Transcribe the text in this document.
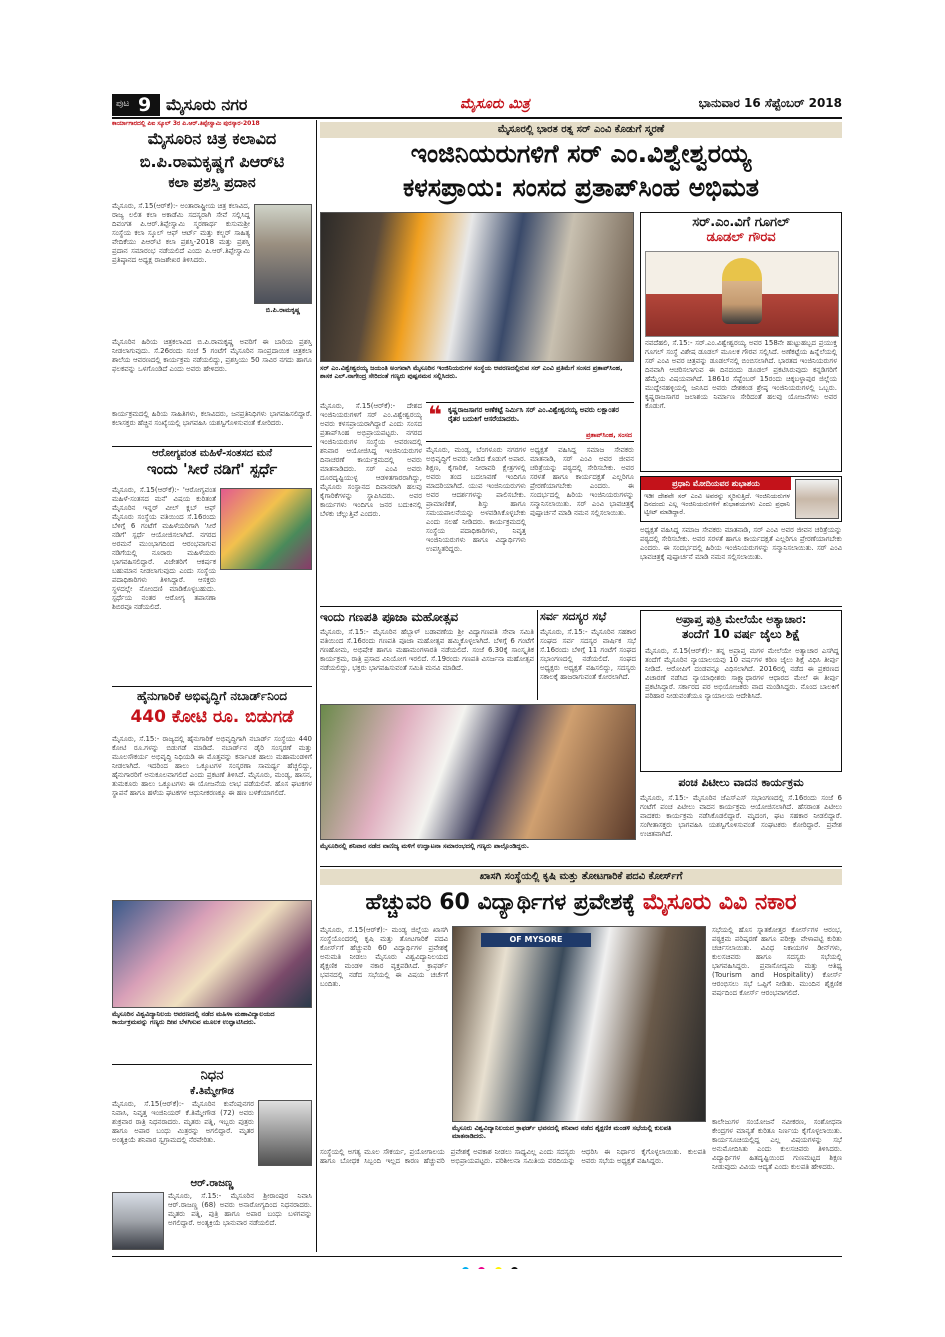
ಪುಟ 9 ಮೈಸೂರು ನಗರ	ಮೈಸೂರು ಮಿತ್ರ	ಭಾನುವಾರ 16 ಸೆಪ್ಟೆಂಬರ್ 2018
ಕಾರ್ಯಾಗಾರದಲ್ಲಿ ಪಿಐ ಸ್ಕೂಲ್ 3ರ ಪಿ.ಆರ್.ತಿಪ್ಪೇಸ್ವಾಮಿ ಪುರಸ್ಕಾರ-2018
ಮೈಸೂರಿನ ಚಿತ್ರ ಕಲಾವಿದ
ಬಿ.ಪಿ.ರಾಮಕೃಷ್ಣಗೆ ಪಿಆರ್‌ಟಿ
ಕಲಾ ಪ್ರಶಸ್ತಿ ಪ್ರದಾನ
ಮೈಸೂರು, ಸೆ.15(ಆರ್‌ಕೆ):- ಅಂತಾರಾಷ್ಟ್ರೀಯ ಚಿತ್ರ ಕಲಾವಿದ, ರಾಜ್ಯ ಲಲಿತ ಕಲಾ ಅಕಾಡೆಮಿ ಸದಸ್ಯರಾಗಿ ಸೇವೆ ಸಲ್ಲಿಸಿದ್ದ ದಿವಂಗತ ಪಿ.ಆರ್.ತಿಪ್ಪೇಸ್ವಾಮಿ ಸ್ಮರಣಾರ್ಥ ಕುಸುಮಶ್ರೀ ಸಂಸ್ಥೆಯ ಕಲಾ ಸ್ಕೂಲ್ ಆಫ್ ಆರ್ಟ್ ಮತ್ತು ಕಲ್ಚರ್ ಸಾಹಿತ್ಯ ವೇದಿಕೆಯು ಪಿಆರ್‌ಟಿ ಕಲಾ ಪ್ರಶಸ್ತಿ-2018 ಮತ್ತು ಪ್ರಶಸ್ತಿ ಪ್ರದಾನ ಸಮಾರಂಭ ನಡೆಯಲಿದೆ ಎಂದು ಪಿ.ಆರ್.ತಿಪ್ಪೇಸ್ವಾಮಿ ಪ್ರತಿಷ್ಠಾನದ ಅಧ್ಯಕ್ಷ ರಾಜಶೇಖರ ತಿಳಿಸಿದರು.
ಬಿ.ಪಿ.ರಾಮಕೃಷ್ಣ
ಮೈಸೂರಿನ ಹಿರಿಯ ಚಿತ್ರಕಲಾವಿದ ಬಿ.ಪಿ.ರಾಮಕೃಷ್ಣ ಅವರಿಗೆ ಈ ಬಾರಿಯ ಪ್ರಶಸ್ತಿ ನೀಡಲಾಗುವುದು. ಸೆ.26ರಂದು ಸಂಜೆ 5 ಗಂಟೆಗೆ ಮೈಸೂರಿನ ಸಾಂಪ್ರದಾಯಿಕ ಚಿತ್ರಕಲಾ ಶಾಲೆಯ ಆವರಣದಲ್ಲಿ ಕಾರ್ಯಕ್ರಮ ನಡೆಯಲಿದ್ದು, ಪ್ರಶಸ್ತಿಯು 50 ಸಾವಿರ ನಗದು ಹಾಗೂ ಫಲಕವನ್ನು ಒಳಗೊಂಡಿದೆ ಎಂದು ಅವರು ಹೇಳಿದರು.
ಕಾರ್ಯಕ್ರಮದಲ್ಲಿ ಹಿರಿಯ ಸಾಹಿತಿಗಳು, ಕಲಾವಿದರು, ಜನಪ್ರತಿನಿಧಿಗಳು ಭಾಗವಹಿಸಲಿದ್ದಾರೆ. ಕಲಾಸಕ್ತರು ಹೆಚ್ಚಿನ ಸಂಖ್ಯೆಯಲ್ಲಿ ಭಾಗವಹಿಸಿ ಯಶಸ್ವಿಗೊಳಿಸುವಂತೆ ಕೋರಿದರು.
ಆರೋಗ್ಯವಂತ ಮಹಿಳೆ-ಸಂತಸದ ಮನೆ
ಇಂದು 'ಸೀರೆ ನಡಿಗೆ' ಸ್ಪರ್ಧೆ
ಮೈಸೂರು, ಸೆ.15(ಆರ್‌ಕೆ):- 'ಆರೋಗ್ಯವಂತ ಮಹಿಳೆ-ಸಂತಸದ ಮನೆ' ವಿಷಯ ಕುರಿತಂತೆ ಮೈಸೂರಿನ ಇನ್ನರ್ ವೀಲ್ ಕ್ಲಬ್ ಆಫ್ ಮೈಸೂರು ಸಂಸ್ಥೆಯ ವತಿಯಿಂದ ಸೆ.16ರಂದು ಬೆಳಿಗ್ಗೆ 6 ಗಂಟೆಗೆ ಮಹಿಳೆಯರಿಗಾಗಿ 'ಸೀರೆ ನಡಿಗೆ' ಸ್ಪರ್ಧೆ ಆಯೋಜಿಸಲಾಗಿದೆ. ನಗರದ ಅರಮನೆ ಮುಂಭಾಗದಿಂದ ಆರಂಭವಾಗುವ ನಡಿಗೆಯಲ್ಲಿ ನೂರಾರು ಮಹಿಳೆಯರು ಭಾಗವಹಿಸಲಿದ್ದಾರೆ. ವಿಜೇತರಿಗೆ ಆಕರ್ಷಕ ಬಹುಮಾನ ನೀಡಲಾಗುವುದು ಎಂದು ಸಂಸ್ಥೆಯ ಪದಾಧಿಕಾರಿಗಳು ತಿಳಿಸಿದ್ದಾರೆ. ಆಸಕ್ತರು ಸ್ಥಳದಲ್ಲೇ ನೋಂದಣಿ ಮಾಡಿಕೊಳ್ಳಬಹುದು. ಸ್ಪರ್ಧೆಯ ನಂತರ ಆರೋಗ್ಯ ತಪಾಸಣಾ ಶಿಬಿರವೂ ನಡೆಯಲಿದೆ.
ಹೈನುಗಾರಿಕೆ ಅಭಿವೃದ್ಧಿಗೆ ನಬಾರ್ಡ್‌ನಿಂದ
440 ಕೋಟಿ ರೂ. ಬಿಡುಗಡೆ
ಮೈಸೂರು, ಸೆ.15:- ರಾಜ್ಯದಲ್ಲಿ ಹೈನುಗಾರಿಕೆ ಅಭಿವೃದ್ಧಿಗಾಗಿ ನಬಾರ್ಡ್ ಸಂಸ್ಥೆಯು 440 ಕೋಟಿ ರೂ.ಗಳನ್ನು ಬಿಡುಗಡೆ ಮಾಡಿದೆ. ನಬಾರ್ಡ್‌ನ ಡೈರಿ ಸಂಸ್ಕರಣೆ ಮತ್ತು ಮೂಲಸೌಕರ್ಯ ಅಭಿವೃದ್ಧಿ ನಿಧಿಯಡಿ ಈ ಮೊತ್ತವನ್ನು ಕರ್ನಾಟಕ ಹಾಲು ಮಹಾಮಂಡಳಿಗೆ ನೀಡಲಾಗಿದೆ. ಇದರಿಂದ ಹಾಲು ಒಕ್ಕೂಟಗಳ ಸಂಸ್ಕರಣಾ ಸಾಮರ್ಥ್ಯ ಹೆಚ್ಚಲಿದ್ದು, ಹೈನುಗಾರರಿಗೆ ಅನುಕೂಲವಾಗಲಿದೆ ಎಂದು ಪ್ರಕಟಣೆ ತಿಳಿಸಿದೆ. ಮೈಸೂರು, ಮಂಡ್ಯ, ಹಾಸನ, ತುಮಕೂರು ಹಾಲು ಒಕ್ಕೂಟಗಳು ಈ ಯೋಜನೆಯ ಲಾಭ ಪಡೆಯಲಿವೆ. ಹೊಸ ಘಟಕಗಳ ಸ್ಥಾಪನೆ ಹಾಗೂ ಹಳೆಯ ಘಟಕಗಳ ಆಧುನೀಕರಣಕ್ಕೂ ಈ ಹಣ ಬಳಕೆಯಾಗಲಿದೆ.
ಮೈಸೂರಿನ ವಿಶ್ವವಿದ್ಯಾನಿಲಯ ಆವರಣದಲ್ಲಿ ನಡೆದ ಮಹಿಳಾ ಮಹಾವಿದ್ಯಾಲಯದ ಕಾರ್ಯಕ್ರಮವನ್ನು ಗಣ್ಯರು ದೀಪ ಬೆಳಗಿಸುವ ಮೂಲಕ ಉದ್ಘಾಟಿಸಿದರು.
ನಿಧನ
ಕೆ.ತಿಮ್ಮೇಗೌಡ
ಮೈಸೂರು, ಸೆ.15(ಆರ್‌ಕೆ):- ಮೈಸೂರಿನ ಕುವೆಂಪುನಗರ ನಿವಾಸಿ, ನಿವೃತ್ತ ಇಂಜಿನಿಯರ್ ಕೆ.ತಿಮ್ಮೇಗೌಡ (72) ಅವರು ಶುಕ್ರವಾರ ರಾತ್ರಿ ನಿಧನರಾದರು. ಮೃತರು ಪತ್ನಿ, ಇಬ್ಬರು ಪುತ್ರರು ಹಾಗೂ ಅಪಾರ ಬಂಧು ಮಿತ್ರರನ್ನು ಅಗಲಿದ್ದಾರೆ. ಮೃತರ ಅಂತ್ಯಕ್ರಿಯೆ ಶನಿವಾರ ಸ್ವಗ್ರಾಮದಲ್ಲಿ ನೆರವೇರಿತು.
ಆರ್.ರಾಜಣ್ಣ
ಮೈಸೂರು, ಸೆ.15:- ಮೈಸೂರಿನ ಶ್ರೀರಾಂಪುರ ನಿವಾಸಿ ಆರ್.ರಾಜಣ್ಣ (68) ಅವರು ಅನಾರೋಗ್ಯದಿಂದ ನಿಧನರಾದರು. ಮೃತರು ಪತ್ನಿ, ಪುತ್ರಿ ಹಾಗೂ ಅಪಾರ ಬಂಧು ಬಳಗವನ್ನು ಅಗಲಿದ್ದಾರೆ. ಅಂತ್ಯಕ್ರಿಯೆ ಭಾನುವಾರ ನಡೆಯಲಿದೆ.
ಮೈಸೂರಲ್ಲಿ ಭಾರತ ರತ್ನ ಸರ್ ಎಂವಿ ಕೊಡುಗೆ ಸ್ಮರಣೆ
ಇಂಜಿನಿಯರುಗಳಿಗೆ ಸರ್ ಎಂ.ವಿಶ್ವೇಶ್ವರಯ್ಯ
ಕಳಸಪ್ರಾಯ: ಸಂಸದ ಪ್ರತಾಪ್‌ಸಿಂಹ ಅಭಿಮತ
ಸರ್ ಎಂ.ವಿಶ್ವೇಶ್ವರಯ್ಯ ಜಯಂತಿ ಅಂಗವಾಗಿ ಮೈಸೂರಿನ ಇಂಜಿನಿಯರುಗಳ ಸಂಸ್ಥೆಯ ಆವರಣದಲ್ಲಿರುವ ಸರ್ ಎಂವಿ ಪ್ರತಿಮೆಗೆ ಸಂಸದ ಪ್ರತಾಪ್‌ಸಿಂಹ, ಶಾಸಕ ಎಲ್.ನಾಗೇಂದ್ರ ಸೇರಿದಂತೆ ಗಣ್ಯರು ಪುಷ್ಪನಮನ ಸಲ್ಲಿಸಿದರು.
ಮೈಸೂರು, ಸೆ.15(ಆರ್‌ಕೆ):- ದೇಶದ ಇಂಜಿನಿಯರುಗಳಿಗೆ ಸರ್ ಎಂ.ವಿಶ್ವೇಶ್ವರಯ್ಯ ಅವರು ಕಳಸಪ್ರಾಯರಾಗಿದ್ದಾರೆ ಎಂದು ಸಂಸದ ಪ್ರತಾಪ್‌ಸಿಂಹ ಅಭಿಪ್ರಾಯಪಟ್ಟರು. ನಗರದ ಇಂಜಿನಿಯರುಗಳ ಸಂಸ್ಥೆಯ ಆವರಣದಲ್ಲಿ ಶನಿವಾರ ಆಯೋಜಿಸಿದ್ದ ಇಂಜಿನಿಯರುಗಳ ದಿನಾಚರಣೆ ಕಾರ್ಯಕ್ರಮದಲ್ಲಿ ಅವರು ಮಾತನಾಡಿದರು. ಸರ್ ಎಂವಿ ಅವರು ದೂರದೃಷ್ಟಿಯುಳ್ಳ ಆಡಳಿತಗಾರರಾಗಿದ್ದು, ಮೈಸೂರು ಸಂಸ್ಥಾನದ ದಿವಾನರಾಗಿ ಹಲವು ಕೈಗಾರಿಕೆಗಳನ್ನು ಸ್ಥಾಪಿಸಿದರು. ಅವರ ಕಾರ್ಯಗಳು ಇಂದಿಗೂ ಜನರ ಬದುಕಿನಲ್ಲಿ ಬೆಳಕು ಚೆಲ್ಲುತ್ತಿವೆ ಎಂದರು.
❝ ಕೃಷ್ಣರಾಜಸಾಗರ ಅಣೆಕಟ್ಟೆ ನಿರ್ಮಿಸಿ ಸರ್ ಎಂ.ವಿಶ್ವೇಶ್ವರಯ್ಯ ಅವರು ಲಕ್ಷಾಂತರ ರೈತರ ಬದುಕಿಗೆ ಆಸರೆಯಾದರು.
ಪ್ರತಾಪ್‌ಸಿಂಹ, ಸಂಸದ
ಮೈಸೂರು, ಮಂಡ್ಯ, ಬೆಂಗಳೂರು ನಗರಗಳ ಅಭಿವೃದ್ಧಿಗೆ ಅವರು ನೀಡಿದ ಕೊಡುಗೆ ಅಪಾರ. ಶಿಕ್ಷಣ, ಕೈಗಾರಿಕೆ, ನೀರಾವರಿ ಕ್ಷೇತ್ರಗಳಲ್ಲಿ ಅವರು ತಂದ ಬದಲಾವಣೆ ಇಂದಿಗೂ ಮಾದರಿಯಾಗಿದೆ. ಯುವ ಇಂಜಿನಿಯರುಗಳು ಅವರ ಆದರ್ಶಗಳನ್ನು ಪಾಲಿಸಬೇಕು. ಪ್ರಾಮಾಣಿಕತೆ, ಶಿಸ್ತು ಹಾಗೂ ಸಮಯಪಾಲನೆಯನ್ನು ಅಳವಡಿಸಿಕೊಳ್ಳಬೇಕು ಎಂದು ಸಲಹೆ ನೀಡಿದರು. ಕಾರ್ಯಕ್ರಮದಲ್ಲಿ ಸಂಸ್ಥೆಯ ಪದಾಧಿಕಾರಿಗಳು, ನಿವೃತ್ತ ಇಂಜಿನಿಯರುಗಳು ಹಾಗೂ ವಿದ್ಯಾರ್ಥಿಗಳು ಉಪಸ್ಥಿತರಿದ್ದರು.
ಅಧ್ಯಕ್ಷತೆ ವಹಿಸಿದ್ದ ಸಮಾಜ ಸೇವಕರು ಮಾತನಾಡಿ, ಸರ್ ಎಂವಿ ಅವರ ಜೀವನ ಚರಿತ್ರೆಯನ್ನು ಪಠ್ಯದಲ್ಲಿ ಸೇರಿಸಬೇಕು. ಅವರ ಸರಳತೆ ಹಾಗೂ ಕಾರ್ಯದಕ್ಷತೆ ಎಲ್ಲರಿಗೂ ಪ್ರೇರಣೆಯಾಗಬೇಕು ಎಂದರು. ಈ ಸಂದರ್ಭದಲ್ಲಿ ಹಿರಿಯ ಇಂಜಿನಿಯರುಗಳನ್ನು ಸನ್ಮಾನಿಸಲಾಯಿತು. ಸರ್ ಎಂವಿ ಭಾವಚಿತ್ರಕ್ಕೆ ಪುಷ್ಪಾರ್ಚನೆ ಮಾಡಿ ನಮನ ಸಲ್ಲಿಸಲಾಯಿತು.
ಸರ್.ಎಂ.ವಿಗೆ ಗೂಗಲ್
ಡೂಡಲ್ ಗೌರವ
ನವದೆಹಲಿ, ಸೆ.15:- ಸರ್.ಎಂ.ವಿಶ್ವೇಶ್ವರಯ್ಯ ಅವರ 158ನೇ ಹುಟ್ಟುಹಬ್ಬದ ಪ್ರಯುಕ್ತ ಗೂಗಲ್ ಸಂಸ್ಥೆ ವಿಶೇಷ ಡೂಡಲ್ ಮೂಲಕ ಗೌರವ ಸಲ್ಲಿಸಿದೆ. ಅಣೆಕಟ್ಟೆಯ ಹಿನ್ನೆಲೆಯಲ್ಲಿ ಸರ್ ಎಂವಿ ಅವರ ಚಿತ್ರವನ್ನು ಡೂಡಲ್‌ನಲ್ಲಿ ಬಿಂಬಿಸಲಾಗಿದೆ. ಭಾರತದ ಇಂಜಿನಿಯರುಗಳ ದಿನವಾಗಿ ಆಚರಿಸಲಾಗುವ ಈ ದಿನದಂದು ಡೂಡಲ್ ಪ್ರಕಟಿಸಿರುವುದು ಕನ್ನಡಿಗರಿಗೆ ಹೆಮ್ಮೆಯ ವಿಷಯವಾಗಿದೆ. 1861ರ ಸೆಪ್ಟೆಂಬರ್ 15ರಂದು ಚಿಕ್ಕಬಳ್ಳಾಪುರ ಜಿಲ್ಲೆಯ ಮುದ್ದೇನಹಳ್ಳಿಯಲ್ಲಿ ಜನಿಸಿದ ಅವರು ದೇಶಕಂಡ ಶ್ರೇಷ್ಠ ಇಂಜಿನಿಯರುಗಳಲ್ಲಿ ಒಬ್ಬರು. ಕೃಷ್ಣರಾಜಸಾಗರ ಜಲಾಶಯ ನಿರ್ಮಾಣ ಸೇರಿದಂತೆ ಹಲವು ಯೋಜನೆಗಳು ಅವರ ಕೊಡುಗೆ.
ಪ್ರಧಾನಿ ಮೋದಿಯವರ ಶುಭಾಶಯ
ಇಡೀ ದೇಶವೇ ಸರ್ ಎಂವಿ ಅವರನ್ನು ಸ್ಮರಿಸುತ್ತಿದೆ. ಇಂಜಿನಿಯರುಗಳ ದಿನದಂದು ಎಲ್ಲ ಇಂಜಿನಿಯರುಗಳಿಗೆ ಶುಭಾಶಯಗಳು ಎಂದು ಪ್ರಧಾನಿ ಟ್ವೀಟ್ ಮಾಡಿದ್ದಾರೆ.
ಅಧ್ಯಕ್ಷತೆ ವಹಿಸಿದ್ದ ಸಮಾಜ ಸೇವಕರು ಮಾತನಾಡಿ, ಸರ್ ಎಂವಿ ಅವರ ಜೀವನ ಚರಿತ್ರೆಯನ್ನು ಪಠ್ಯದಲ್ಲಿ ಸೇರಿಸಬೇಕು. ಅವರ ಸರಳತೆ ಹಾಗೂ ಕಾರ್ಯದಕ್ಷತೆ ಎಲ್ಲರಿಗೂ ಪ್ರೇರಣೆಯಾಗಬೇಕು ಎಂದರು. ಈ ಸಂದರ್ಭದಲ್ಲಿ ಹಿರಿಯ ಇಂಜಿನಿಯರುಗಳನ್ನು ಸನ್ಮಾನಿಸಲಾಯಿತು. ಸರ್ ಎಂವಿ ಭಾವಚಿತ್ರಕ್ಕೆ ಪುಷ್ಪಾರ್ಚನೆ ಮಾಡಿ ನಮನ ಸಲ್ಲಿಸಲಾಯಿತು.
ಇಂದು ಗಣಪತಿ ಪೂಜಾ ಮಹೋತ್ಸವ
ಮೈಸೂರು, ಸೆ.15:- ಮೈಸೂರಿನ ಹೆಬ್ಬಾಳ್ ಬಡಾವಣೆಯ ಶ್ರೀ ವಿದ್ಯಾಗಣಪತಿ ಸೇವಾ ಸಮಿತಿ ವತಿಯಿಂದ ಸೆ.16ರಂದು ಗಣಪತಿ ಪೂಜಾ ಮಹೋತ್ಸವ ಹಮ್ಮಿಕೊಳ್ಳಲಾಗಿದೆ. ಬೆಳಿಗ್ಗೆ 6 ಗಂಟೆಗೆ ಗಣಹೋಮ, ಅಭಿಷೇಕ ಹಾಗೂ ಮಹಾಮಂಗಳಾರತಿ ನಡೆಯಲಿದೆ. ಸಂಜೆ 6.30ಕ್ಕೆ ಸಾಂಸ್ಕೃತಿಕ ಕಾರ್ಯಕ್ರಮ, ರಾತ್ರಿ ಪ್ರಸಾದ ವಿನಿಯೋಗ ಇರಲಿದೆ. ಸೆ.19ರಂದು ಗಣಪತಿ ವಿಸರ್ಜನಾ ಮಹೋತ್ಸವ ನಡೆಯಲಿದ್ದು, ಭಕ್ತರು ಭಾಗವಹಿಸುವಂತೆ ಸಮಿತಿ ಮನವಿ ಮಾಡಿದೆ.
ಸರ್ವ ಸದಸ್ಯರ ಸಭೆ
ಮೈಸೂರು, ಸೆ.15:- ಮೈಸೂರಿನ ಸಹಕಾರ ಸಂಘದ ಸರ್ವ ಸದಸ್ಯರ ವಾರ್ಷಿಕ ಸಭೆ ಸೆ.16ರಂದು ಬೆಳಿಗ್ಗೆ 11 ಗಂಟೆಗೆ ಸಂಘದ ಸಭಾಂಗಣದಲ್ಲಿ ನಡೆಯಲಿದೆ. ಸಂಘದ ಅಧ್ಯಕ್ಷರು ಅಧ್ಯಕ್ಷತೆ ವಹಿಸಲಿದ್ದು, ಸದಸ್ಯರು ಸಕಾಲಕ್ಕೆ ಹಾಜರಾಗುವಂತೆ ಕೋರಲಾಗಿದೆ.
ಮೈಸೂರಿನಲ್ಲಿ ಶನಿವಾರ ನಡೆದ ವಾಣಿಜ್ಯ ಮಳಿಗೆ ಉದ್ಘಾಟನಾ ಸಮಾರಂಭದಲ್ಲಿ ಗಣ್ಯರು ಪಾಲ್ಗೊಂಡಿದ್ದರು.
ಅಪ್ರಾಪ್ತ ಪುತ್ರಿ ಮೇಲೆಯೇ ಅತ್ಯಾಚಾರ:
ತಂದೆಗೆ 10 ವರ್ಷ ಜೈಲು ಶಿಕ್ಷೆ
ಮೈಸೂರು, ಸೆ.15(ಆರ್‌ಕೆ):- ತನ್ನ ಅಪ್ರಾಪ್ತ ಮಗಳ ಮೇಲೆಯೇ ಅತ್ಯಾಚಾರ ಎಸಗಿದ್ದ ತಂದೆಗೆ ಮೈಸೂರಿನ ನ್ಯಾಯಾಲಯವು 10 ವರ್ಷಗಳ ಕಠಿಣ ಜೈಲು ಶಿಕ್ಷೆ ವಿಧಿಸಿ ತೀರ್ಪು ನೀಡಿದೆ. ಆರೋಪಿಗೆ ದಂಡವನ್ನೂ ವಿಧಿಸಲಾಗಿದೆ. 2016ರಲ್ಲಿ ನಡೆದ ಈ ಪ್ರಕರಣದ ವಿಚಾರಣೆ ನಡೆಸಿದ ನ್ಯಾಯಾಧೀಶರು ಸಾಕ್ಷ್ಯಾಧಾರಗಳ ಆಧಾರದ ಮೇಲೆ ಈ ತೀರ್ಪು ಪ್ರಕಟಿಸಿದ್ದಾರೆ. ಸರ್ಕಾರದ ಪರ ಅಭಿಯೋಜಕರು ವಾದ ಮಂಡಿಸಿದ್ದರು. ನೊಂದ ಬಾಲಕಿಗೆ ಪರಿಹಾರ ನೀಡುವಂತೆಯೂ ನ್ಯಾಯಾಲಯ ಆದೇಶಿಸಿದೆ.
ಪಂಚ ಪಿಟೀಲು ವಾದನ ಕಾರ್ಯಕ್ರಮ
ಮೈಸೂರು, ಸೆ.15:- ಮೈಸೂರಿನ ಜೆಎಸ್‌ಎಸ್ ಸಭಾಂಗಣದಲ್ಲಿ ಸೆ.16ರಂದು ಸಂಜೆ 6 ಗಂಟೆಗೆ ಪಂಚ ಪಿಟೀಲು ವಾದನ ಕಾರ್ಯಕ್ರಮ ಆಯೋಜಿಸಲಾಗಿದೆ. ಹೆಸರಾಂತ ಪಿಟೀಲು ವಾದಕರು ಕಾರ್ಯಕ್ರಮ ನಡೆಸಿಕೊಡಲಿದ್ದಾರೆ. ಮೃದಂಗ, ಘಟ ಸಹಕಾರ ನೀಡಲಿದ್ದಾರೆ. ಸಂಗೀತಾಸಕ್ತರು ಭಾಗವಹಿಸಿ ಯಶಸ್ವಿಗೊಳಿಸುವಂತೆ ಸಂಘಟಕರು ಕೋರಿದ್ದಾರೆ. ಪ್ರವೇಶ ಉಚಿತವಾಗಿದೆ.
ಖಾಸಗಿ ಸಂಸ್ಥೆಯಲ್ಲಿ ಕೃಷಿ ಮತ್ತು ತೋಟಗಾರಿಕೆ ಪದವಿ ಕೋರ್ಸ್‌ಗೆ
ಹೆಚ್ಚುವರಿ 60 ವಿದ್ಯಾರ್ಥಿಗಳ ಪ್ರವೇಶಕ್ಕೆ ಮೈಸೂರು ವಿವಿ ನಕಾರ
ಮೈಸೂರು, ಸೆ.15(ಆರ್‌ಕೆ):- ಮಂಡ್ಯ ಜಿಲ್ಲೆಯ ಖಾಸಗಿ ಸಂಸ್ಥೆಯೊಂದರಲ್ಲಿ ಕೃಷಿ ಮತ್ತು ತೋಟಗಾರಿಕೆ ಪದವಿ ಕೋರ್ಸ್‌ಗೆ ಹೆಚ್ಚುವರಿ 60 ವಿದ್ಯಾರ್ಥಿಗಳ ಪ್ರವೇಶಕ್ಕೆ ಅನುಮತಿ ನೀಡಲು ಮೈಸೂರು ವಿಶ್ವವಿದ್ಯಾನಿಲಯದ ಶೈಕ್ಷಣಿಕ ಮಂಡಳಿ ನಕಾರ ವ್ಯಕ್ತಪಡಿಸಿದೆ. ಕ್ರಾಫರ್ಡ್ ಭವನದಲ್ಲಿ ನಡೆದ ಸಭೆಯಲ್ಲಿ ಈ ವಿಷಯ ಚರ್ಚೆಗೆ ಬಂದಿತು.
OF MYSORE
ಮೈಸೂರು ವಿಶ್ವವಿದ್ಯಾನಿಲಯದ ಕ್ರಾಫರ್ಡ್ ಭವನದಲ್ಲಿ ಶನಿವಾರ ನಡೆದ ಶೈಕ್ಷಣಿಕ ಮಂಡಳಿ ಸಭೆಯಲ್ಲಿ ಕುಲಪತಿ ಮಾತನಾಡಿದರು.
ಸಂಸ್ಥೆಯಲ್ಲಿ ಅಗತ್ಯ ಮೂಲ ಸೌಕರ್ಯ, ಪ್ರಯೋಗಾಲಯ ಹಾಗೂ ಬೋಧಕ ಸಿಬ್ಬಂದಿ ಇಲ್ಲದ ಕಾರಣ ಹೆಚ್ಚುವರಿ ಪ್ರವೇಶಕ್ಕೆ ಅವಕಾಶ ನೀಡಲು ಸಾಧ್ಯವಿಲ್ಲ ಎಂದು ಸದಸ್ಯರು ಅಭಿಪ್ರಾಯಪಟ್ಟರು. ಪರಿಶೀಲನಾ ಸಮಿತಿಯ ವರದಿಯನ್ನು ಆಧರಿಸಿ ಈ ನಿರ್ಧಾರ ಕೈಗೊಳ್ಳಲಾಯಿತು. ಕುಲಪತಿ ಅವರು ಸಭೆಯ ಅಧ್ಯಕ್ಷತೆ ವಹಿಸಿದ್ದರು.
ಸಭೆಯಲ್ಲಿ ಹೊಸ ಸ್ನಾತಕೋತ್ತರ ಕೋರ್ಸ್‌ಗಳ ಆರಂಭ, ಪಠ್ಯಕ್ರಮ ಪರಿಷ್ಕರಣೆ ಹಾಗೂ ಪರೀಕ್ಷಾ ವೇಳಾಪಟ್ಟಿ ಕುರಿತು ಚರ್ಚಿಸಲಾಯಿತು. ವಿವಿಧ ನಿಕಾಯಗಳ ಡೀನ್‌ಗಳು, ಕುಲಸಚಿವರು ಹಾಗೂ ಸದಸ್ಯರು ಸಭೆಯಲ್ಲಿ ಭಾಗವಹಿಸಿದ್ದರು. ಪ್ರವಾಸೋದ್ಯಮ ಮತ್ತು ಆತಿಥ್ಯ (Tourism and Hospitality) ಕೋರ್ಸ್ ಆರಂಭಿಸಲು ಸಭೆ ಒಪ್ಪಿಗೆ ನೀಡಿತು. ಮುಂದಿನ ಶೈಕ್ಷಣಿಕ ವರ್ಷದಿಂದ ಕೋರ್ಸ್ ಆರಂಭವಾಗಲಿದೆ.
ಕಾಲೇಜುಗಳ ಸಂಯೋಜನೆ ನವೀಕರಣ, ಸಂಶೋಧನಾ ಕೇಂದ್ರಗಳ ಮಾನ್ಯತೆ ಕುರಿತೂ ನಿರ್ಣಯ ಕೈಗೊಳ್ಳಲಾಯಿತು. ಕಾರ್ಯಸೂಚಿಯಲ್ಲಿದ್ದ ಎಲ್ಲ ವಿಷಯಗಳನ್ನು ಸಭೆ ಅನುಮೋದಿಸಿತು ಎಂದು ಕುಲಸಚಿವರು ತಿಳಿಸಿದರು. ವಿದ್ಯಾರ್ಥಿಗಳ ಹಿತದೃಷ್ಟಿಯಿಂದ ಗುಣಮಟ್ಟದ ಶಿಕ್ಷಣ ನೀಡುವುದು ವಿವಿಯ ಆದ್ಯತೆ ಎಂದು ಕುಲಪತಿ ಹೇಳಿದರು.
